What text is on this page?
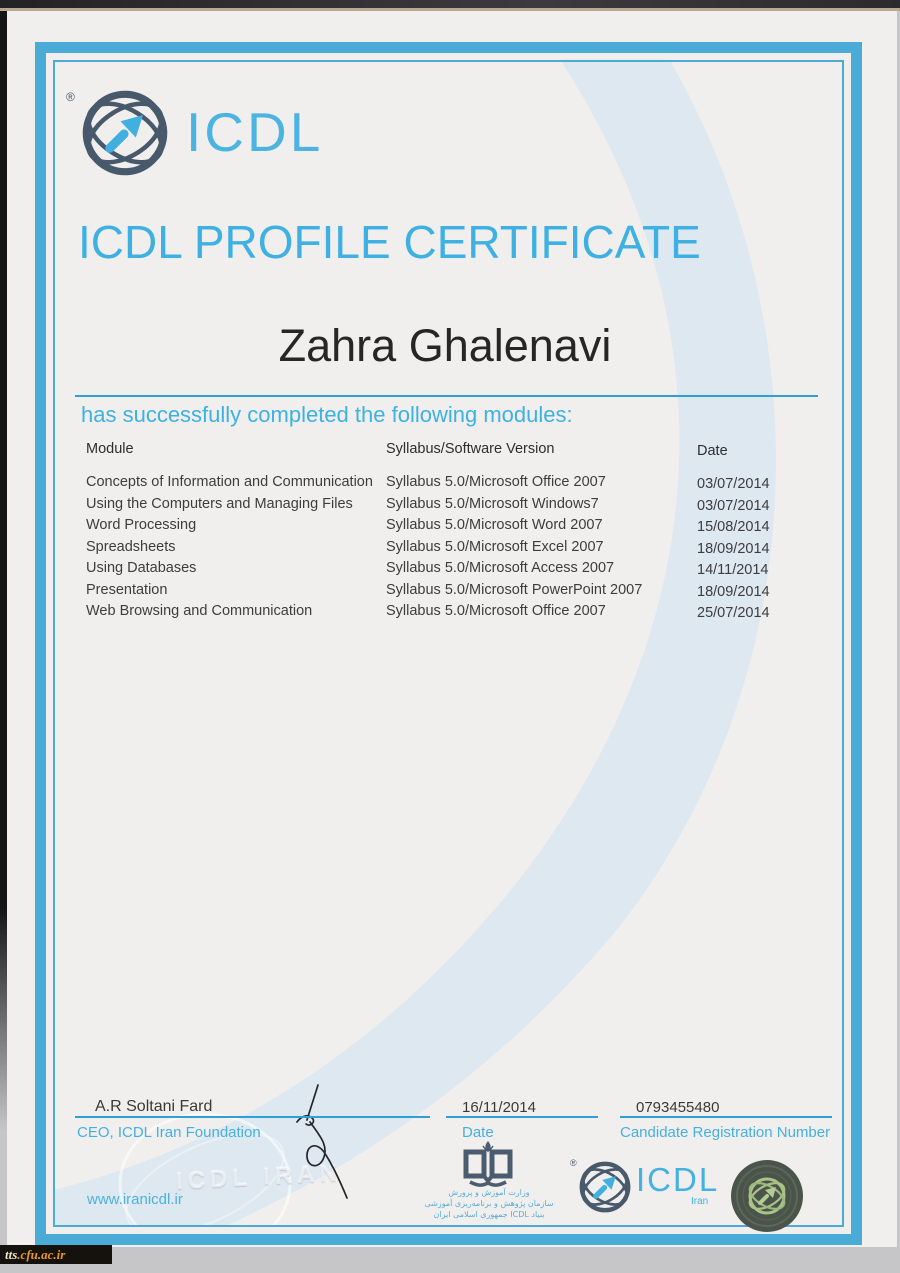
ICDL IRAN
®
ICDL
ICDL PROFILE CERTIFICATE
Zahra Ghalenavi
has successfully completed the following modules:
Module	Syllabus/Software Version	Date
Concepts of Information and Communication Syllabus 5.0/Microsoft Office 2007	03/07/2014
Using the Computers and Managing Files Syllabus 5.0/Microsoft Windows7	03/07/2014
Word Processing	Syllabus 5.0/Microsoft Word 2007	15/08/2014
Spreadsheets	Syllabus 5.0/Microsoft Excel 2007	18/09/2014
Using Databases	Syllabus 5.0/Microsoft Access 2007	14/11/2014
Presentation	Syllabus 5.0/Microsoft PowerPoint 2007	18/09/2014
Web Browsing and Communication	Syllabus 5.0/Microsoft Office 2007	25/07/2014
A.R Soltani Fard
CEO, ICDL Iran Foundation
16/11/2014
Date
0793455480
Candidate Registration Number
www.iranicdl.ir	وزارت آموزش و پرورش
سازمان پژوهش و برنامه‌ریزی آموزشی
بنیاد ICDL جمهوری اسلامی ایران
® ICDL
Iran
tts .cfu.ac.ir
